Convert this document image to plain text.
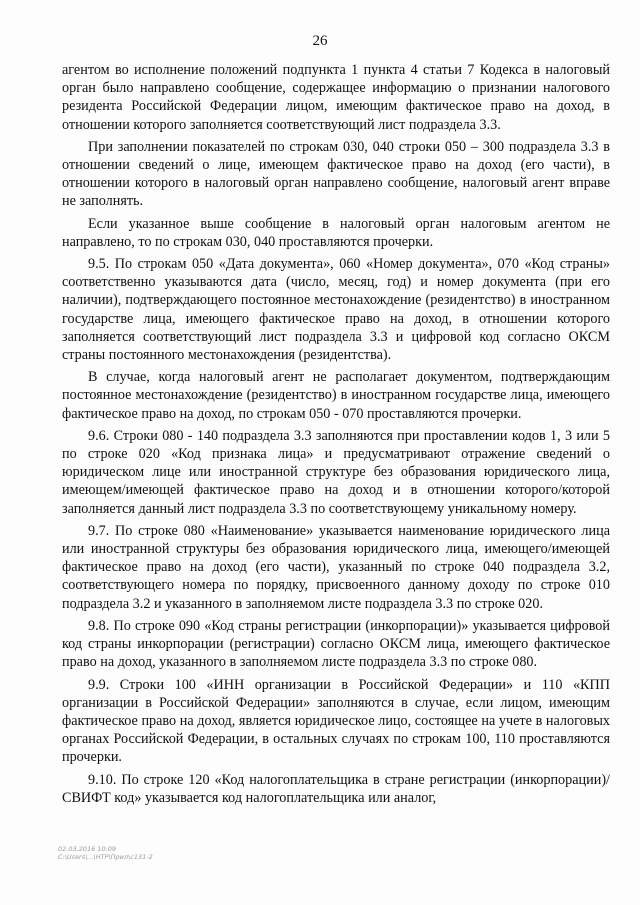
26

агентом во исполнение положений подпункта 1 пункта 4 статьи 7 Кодекса в налоговый орган было направлено сообщение, содержащее информацию о признании налогового резидента Российской Федерации лицом, имеющим фактическое право на доход, в отношении которого заполняется соответствующий лист подраздела 3.3.

При заполнении показателей по строкам 030, 040 строки 050 – 300 подраздела 3.3 в отношении сведений о лице, имеющем фактическое право на доход (его части), в отношении которого в налоговый орган направлено сообщение, налоговый агент вправе не заполнять.

Если указанное выше сообщение в налоговый орган налоговым агентом не направлено, то по строкам 030, 040 проставляются прочерки.

9.5. По строкам 050 «Дата документа», 060 «Номер документа», 070 «Код страны» соответственно указываются дата (число, месяц, год) и номер документа (при его наличии), подтверждающего постоянное местонахождение (резидентство) в иностранном государстве лица, имеющего фактическое право на доход, в отношении которого заполняется соответствующий лист подраздела 3.3 и цифровой код согласно ОКСМ страны постоянного местонахождения (резидентства).

В случае, когда налоговый агент не располагает документом, подтверждающим постоянное местонахождение (резидентство) в иностранном государстве лица, имеющего фактическое право на доход, по строкам 050 - 070 проставляются прочерки.

9.6. Строки 080 - 140 подраздела 3.3 заполняются при проставлении кодов 1, 3 или 5 по строке 020 «Код признака лица» и предусматривают отражение сведений о юридическом лице или иностранной структуре без образования юридического лица, имеющем/имеющей фактическое право на доход и в отношении которого/которой заполняется данный лист подраздела 3.3 по соответствующему уникальному номеру.

9.7. По строке 080 «Наименование» указывается наименование юридического лица или иностранной структуры без образования юридического лица, имеющего/имеющей фактическое право на доход (его части), указанный по строке 040 подраздела 3.2, соответствующего номера по порядку, присвоенного данному доходу по строке 010 подраздела 3.2 и указанного в заполняемом листе подраздела 3.3 по строке 020.

9.8. По строке 090 «Код страны регистрации (инкорпорации)» указывается цифровой код страны инкорпорации (регистрации) согласно ОКСМ лица, имеющего фактическое право на доход, указанного в заполняемом листе подраздела 3.3 по строке 080.

9.9. Строки 100 «ИНН организации в Российской Федерации» и 110 «КПП организации в Российской Федерации» заполняются в случае, если лицом, имеющим фактическое право на доход, является юридическое лицо, состоящее на учете в налоговых органах Российской Федерации, в остальных случаях по строкам 100, 110 проставляются прочерки.

9.10. По строке 120 «Код налогоплательщика в стране регистрации (инкорпорации)/СВИФТ код» указывается код налогоплательщика или аналог,

02.03.2016 10:09
С:\Users\...\HTP\Прил\с131-2
